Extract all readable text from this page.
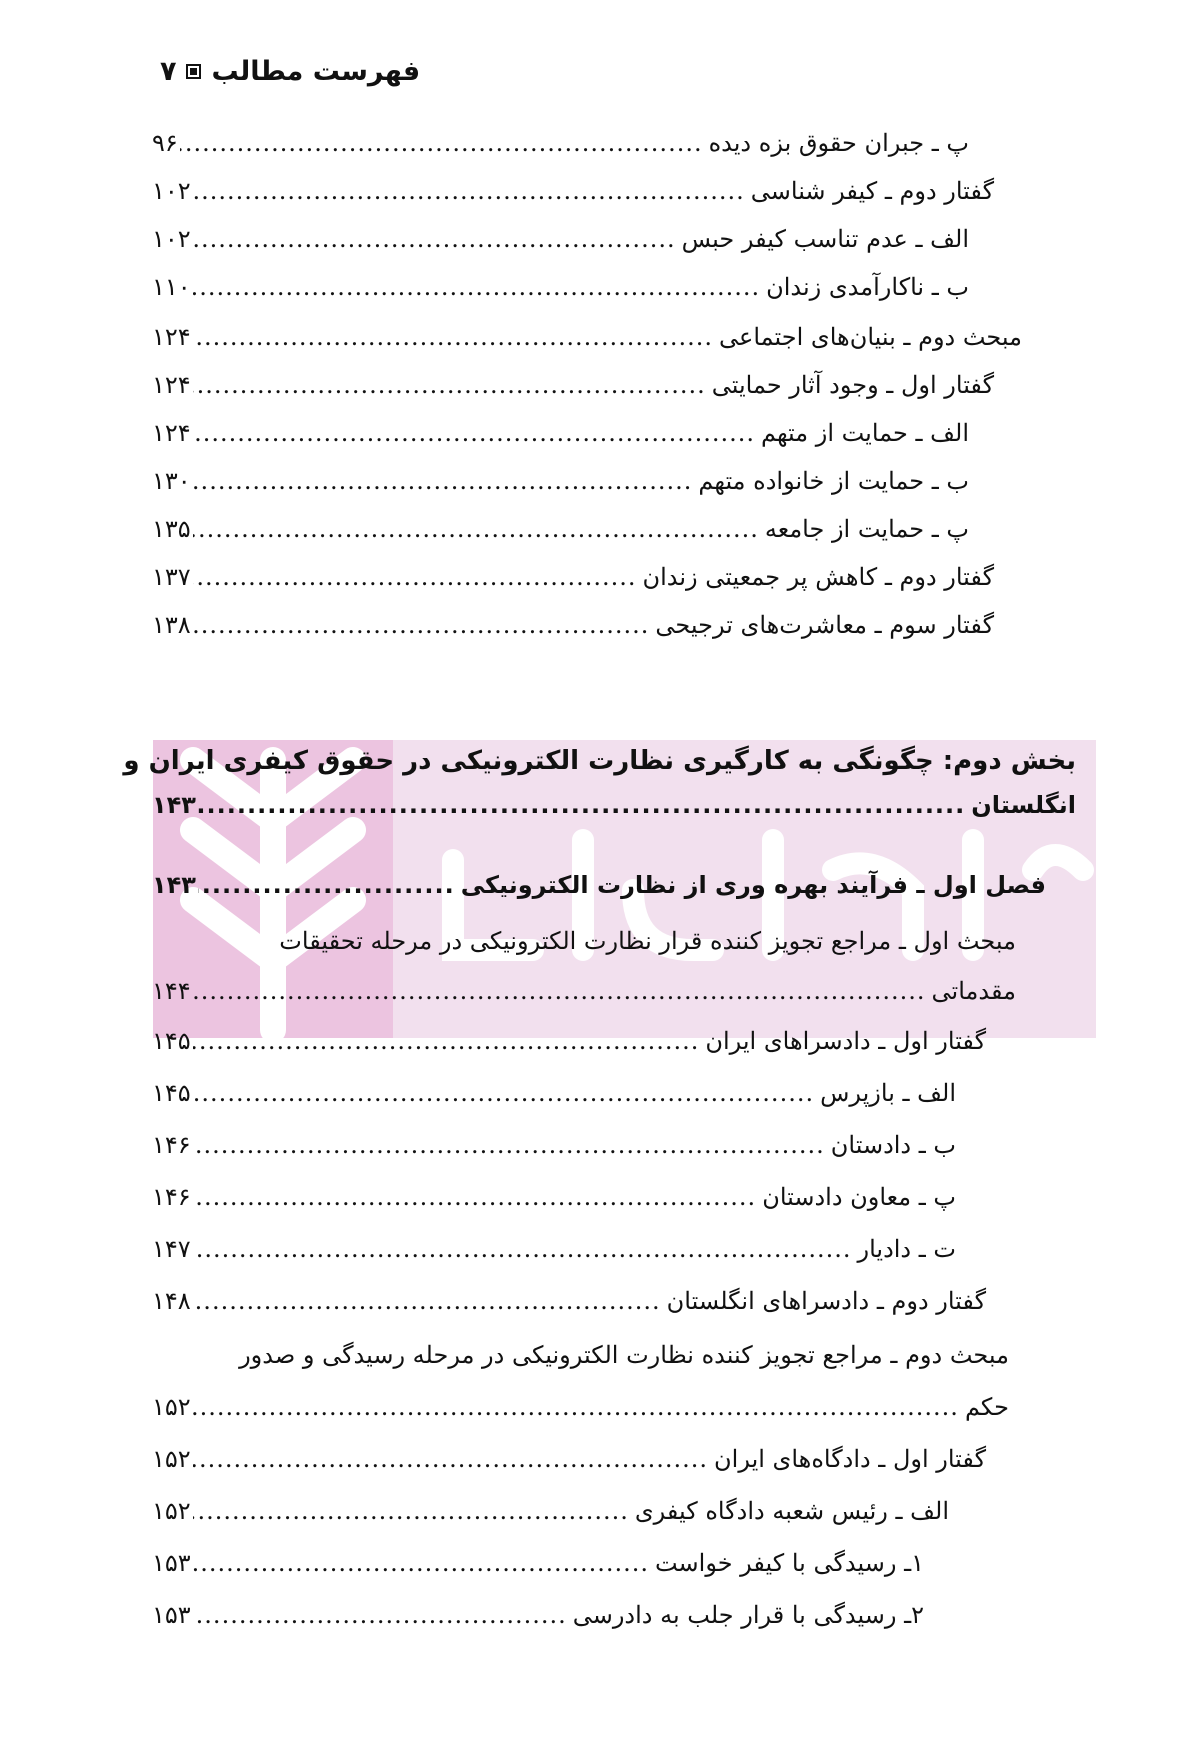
فهرست مطالب
۷
پ ـ جبران حقوق بزه دیده
.....
۹۶
گفتار دوم ـ کیفر شناسی
.....
۱۰۲
الف ـ عدم تناسب کیفر حبس
.....
۱۰۲
ب ـ ناکارآمدی زندان
.....
۱۱۰
مبحث دوم ـ بنیان‌های اجتماعی
.....
۱۲۴
گفتار اول ـ وجود آثار حمایتی
.....
۱۲۴
الف ـ حمایت از متهم
.....
۱۲۴
ب ـ حمایت از خانواده متهم
.....
۱۳۰
پ ـ حمایت از جامعه
.....
۱۳۵
گفتار دوم ـ کاهش پر جمعیتی زندان
.....
۱۳۷
گفتار سوم ـ معاشرت‌های ترجیحی
.....
۱۳۸
بخش دوم: چگونگی به کارگیری نظارت الکترونیکی در حقوق کیفری ایران و
انگلستان
.....
۱۴۳
فصل اول ـ فرآیند بهره وری از نظارت الکترونیکی
.....
۱۴۳
مبحث اول ـ مراجع تجویز کننده قرار نظارت الکترونیکی در مرحله تحقیقات
مقدماتی
.....
۱۴۴
گفتار اول ـ دادسراهای ایران
.....
۱۴۵
الف ـ بازپرس
.....
۱۴۵
ب ـ دادستان
.....
۱۴۶
پ ـ معاون دادستان
.....
۱۴۶
ت ـ دادیار
.....
۱۴۷
گفتار دوم ـ دادسراهای انگلستان
.....
۱۴۸
مبحث دوم ـ مراجع تجویز کننده نظارت الکترونیکی در مرحله رسیدگی و صدور
حکم
.....
۱۵۲
گفتار اول ـ دادگاه‌های ایران
.....
۱۵۲
الف ـ رئیس شعبه دادگاه کیفری
.....
۱۵۲
۱ـ رسیدگی با کیفر خواست
.....
۱۵۳
۲ـ رسیدگی با قرار جلب به دادرسی
.....
۱۵۳
